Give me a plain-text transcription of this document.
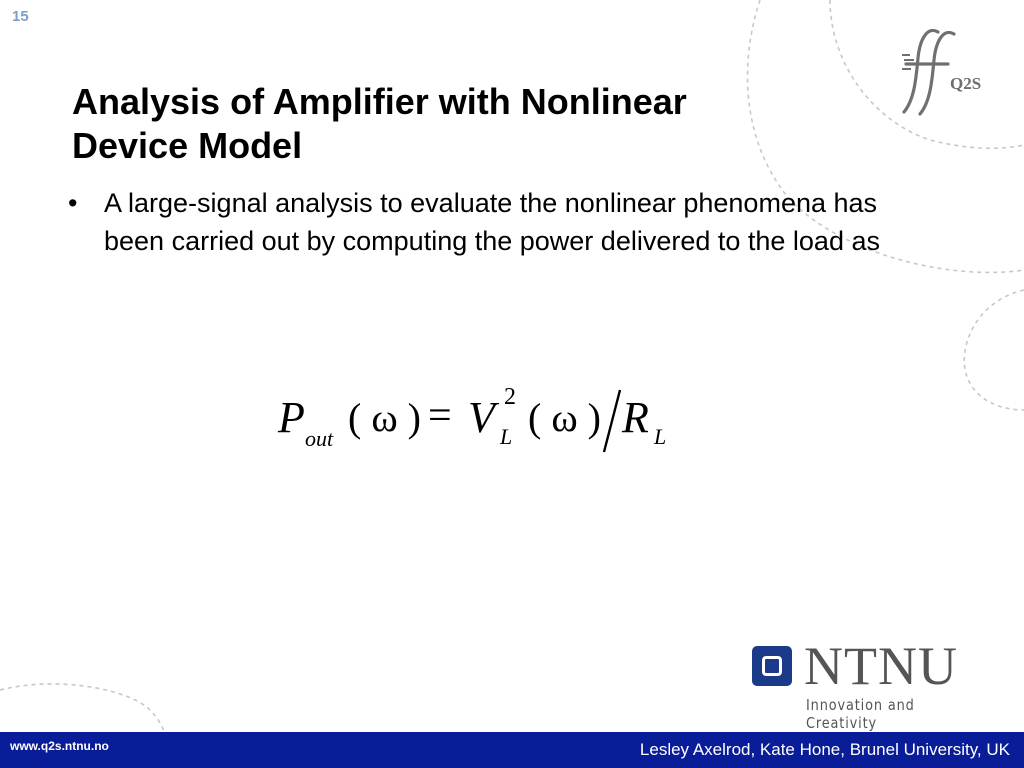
15
Q2S
Analysis of Amplifier with Nonlinear Device Model
• A large-signal analysis to evaluate the nonlinear phenomena has been carried out by computing the power delivered to the load as
P out ( ω ) = V L
2 ( ω ) R L
NTNU
Innovation and Creativity
www.q2s.ntnu.no	Lesley Axelrod, Kate Hone, Brunel University, UK
